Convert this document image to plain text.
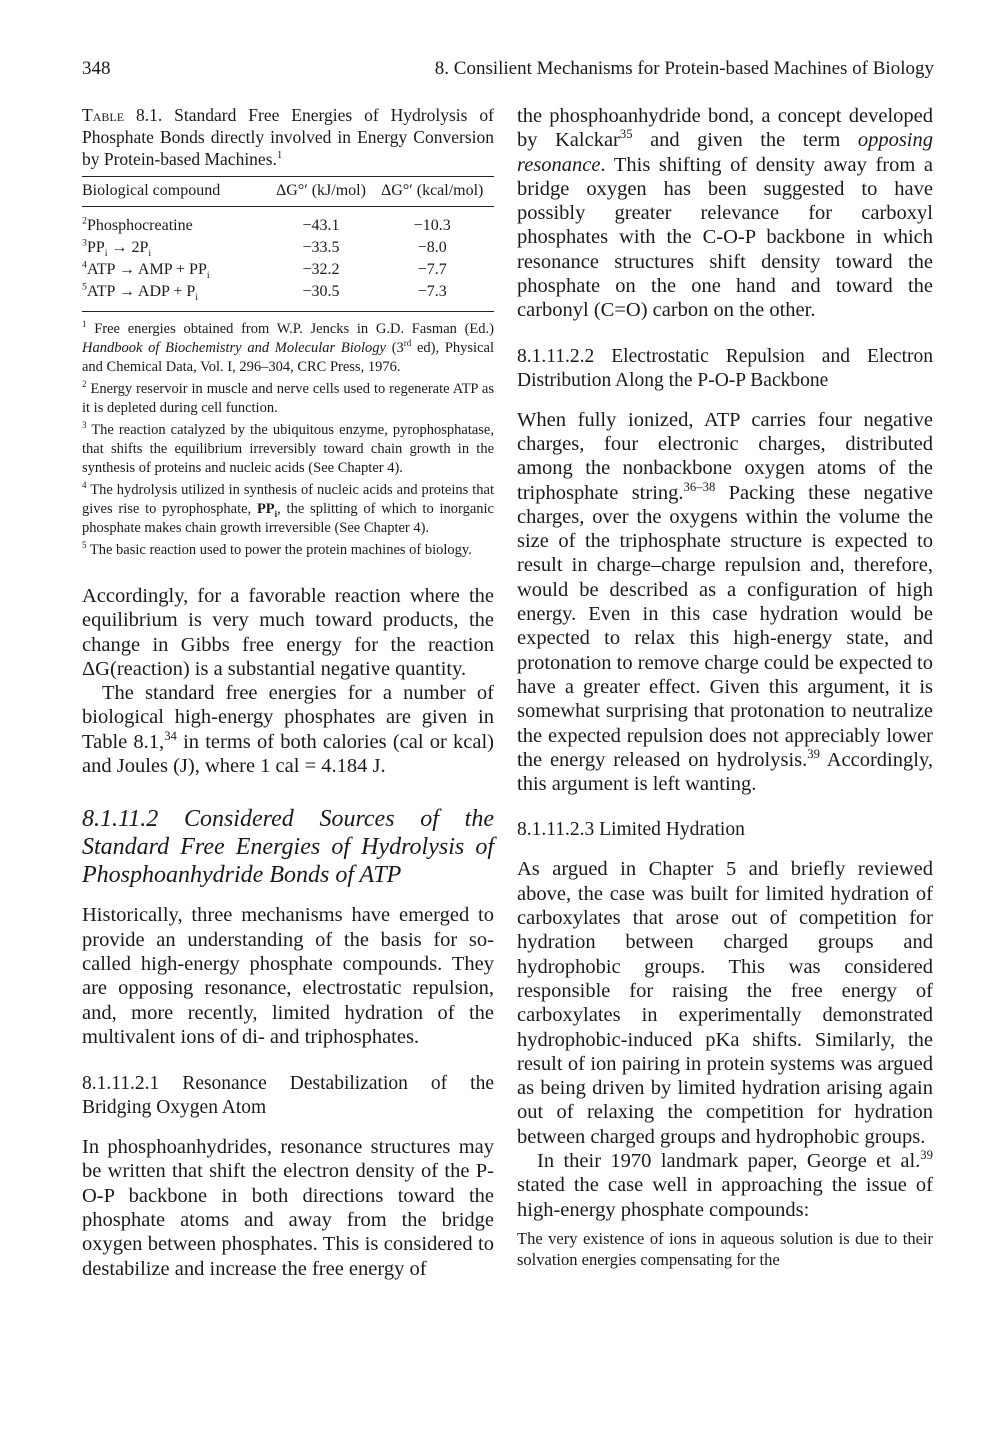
348	8. Consilient Mechanisms for Protein-based Machines of Biology
Table 8.1. Standard Free Energies of Hydrolysis of Phosphate Bonds directly involved in Energy Conversion by Protein-based Machines.$^1$
Biological compound	ΔG°′ (kJ/mol)	ΔG°′ (kcal/mol)
$^2$Phosphocreatine	−43.1	−10.3
$^3PP_i \to 2P_i$	−33.5	−8.0
$^4$ATP → AMP + $PP_i$	−32.2	−7.7
$^5$ATP → ADP + $P_i$	−30.5	−7.3

$^1$ Free energies obtained from W.P. Jencks in G.D. Fasman (Ed.) Handbook of Biochemistry and Molecular Biology (3rd ed), Physical and Chemical Data, Vol. I, 296–304, CRC Press, 1976.

$^2$ Energy reservoir in muscle and nerve cells used to regenerate ATP as it is depleted during cell function.

$^3$ The reaction catalyzed by the ubiquitous enzyme, pyrophosphatase, that shifts the equilibrium irreversibly toward chain growth in the synthesis of proteins and nucleic acids (See Chapter 4).

$^4$ The hydrolysis utilized in synthesis of nucleic acids and proteins that gives rise to pyrophosphate, $PP_i$, the splitting of which to inorganic phosphate makes chain growth irreversible (See Chapter 4).

$^5$ The basic reaction used to power the protein machines of biology.

Accordingly, for a favorable reaction where the equilibrium is very much toward products, the change in Gibbs free energy for the reaction ΔG(reaction) is a substantial negative quantity.

The standard free energies for a number of biological high-energy phosphates are given in Table 8.1,34 in terms of both calories (cal or kcal) and Joules (J), where 1 cal = 4.184 J.

8.1.11.2 Considered Sources of the Standard Free Energies of Hydrolysis of Phosphoanhydride Bonds of ATP

Historically, three mechanisms have emerged to provide an understanding of the basis for so-called high-energy phosphate compounds. They are opposing resonance, electrostatic repulsion, and, more recently, limited hydration of the multivalent ions of di- and triphosphates.

8.1.11.2.1 Resonance Destabilization of the Bridging Oxygen Atom

In phosphoanhydrides, resonance structures may be written that shift the electron density of the P-O-P backbone in both directions toward the phosphate atoms and away from the bridge oxygen between phosphates. This is considered to destabilize and increase the free energy of

the phosphoanhydride bond, a concept developed by Kalckar$^{35}$ and given the term opposing resonance. This shifting of density away from a bridge oxygen has been suggested to have possibly greater relevance for carboxyl phosphates with the C-O-P backbone in which resonance structures shift density toward the phosphate on the one hand and toward the carbonyl (C=O) carbon on the other.

8.1.11.2.2 Electrostatic Repulsion and Electron Distribution Along the P-O-P Backbone

When fully ionized, ATP carries four negative charges, four electronic charges, distributed among the nonbackbone oxygen atoms of the triphosphate string.$^{36-38}$ Packing these negative charges, over the oxygens within the volume the size of the triphosphate structure is expected to result in charge–charge repulsion and, therefore, would be described as a configuration of high energy. Even in this case hydration would be expected to relax this high-energy state, and protonation to remove charge could be expected to have a greater effect. Given this argument, it is somewhat surprising that protonation to neutralize the expected repulsion does not appreciably lower the energy released on hydrolysis.$^{39}$ Accordingly, this argument is left wanting.

8.1.11.2.3 Limited Hydration

As argued in Chapter 5 and briefly reviewed above, the case was built for limited hydration of carboxylates that arose out of competition for hydration between charged groups and hydrophobic groups. This was considered responsible for raising the free energy of carboxylates in experimentally demonstrated hydrophobic-induced pKa shifts. Similarly, the result of ion pairing in protein systems was argued as being driven by limited hydration arising again out of relaxing the competition for hydration between charged groups and hydrophobic groups.

In their 1970 landmark paper, George et al.$^{39}$ stated the case well in approaching the issue of high-energy phosphate compounds:

The very existence of ions in aqueous solution is due to their solvation energies compensating for the
